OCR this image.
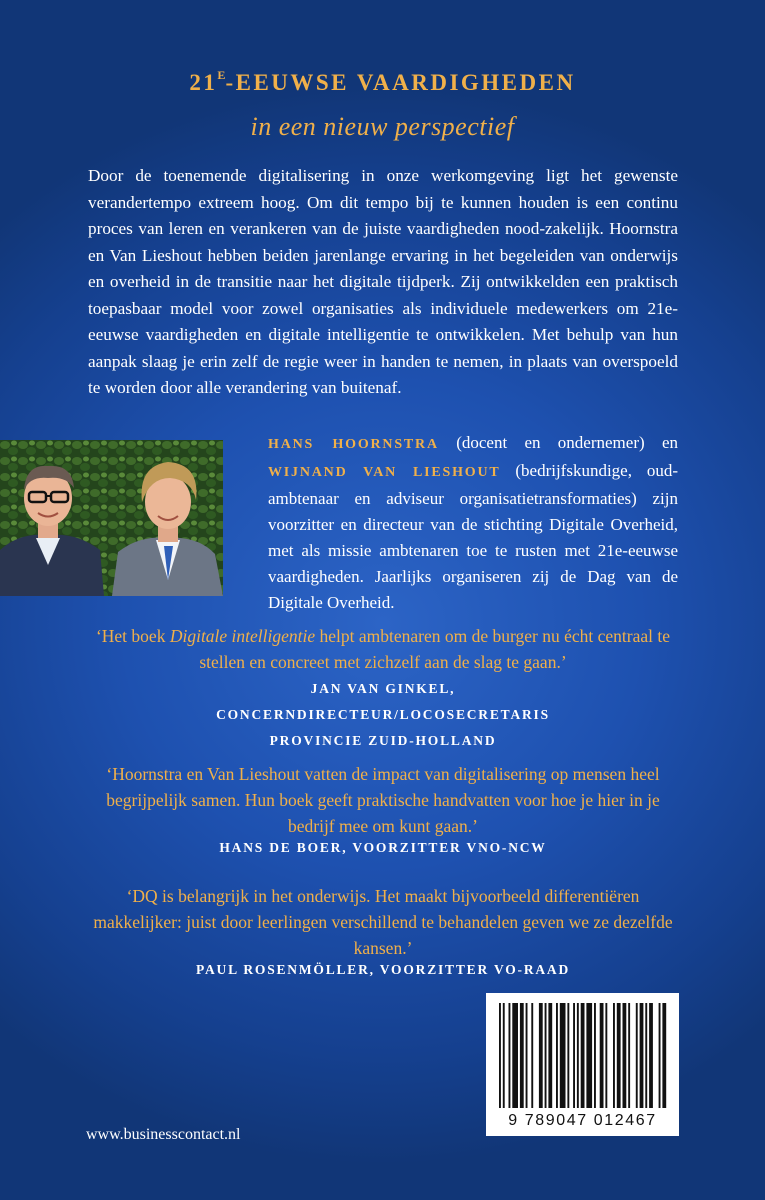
$21^E$-EEUWSE VAARDIGHEDEN
in een nieuw perspectief
Door de toenemende digitalisering in onze werkomgeving ligt het gewenste verandertempo extreem hoog. Om dit tempo bij te kunnen houden is een continu proces van leren en verankeren van de juiste vaardigheden nood-zakelijk. Hoornstra en Van Lieshout hebben beiden jarenlange ervaring in het begeleiden van onderwijs en overheid in de transitie naar het digitale tijdperk. Zij ontwikkelden een praktisch toepasbaar model voor zowel organisaties als individuele medewerkers om 21e-eeuwse vaardigheden en digitale intelligentie te ontwikkelen. Met behulp van hun aanpak slaag je erin zelf de regie weer in handen te nemen, in plaats van overspoeld te worden door alle verandering van buitenaf.
HANS HOORNSTRA (docent en ondernemer) en WIJNAND VAN LIESHOUT (bedrijfskundige, oud-ambtenaar en adviseur organisatietransformaties) zijn voorzitter en directeur van de stichting Digitale Overheid, met als missie ambtenaren toe te rusten met 21e-eeuwse vaardigheden. Jaarlijks organiseren zij de Dag van de Digitale Overheid.
‘Het boek Digitale intelligentie helpt ambtenaren om de burger nu écht centraal te stellen en concreet met zichzelf aan de slag te gaan.’
JAN VAN GINKEL,
CONCERNDIRECTEUR/LOCOSECRETARIS
PROVINCIE ZUID-HOLLAND
‘Hoornstra en Van Lieshout vatten de impact van digitalisering op mensen heel begrijpelijk samen. Hun boek geeft praktische handvatten voor hoe je hier in je bedrijf mee om kunt gaan.’
HANS DE BOER, VOORZITTER VNO-NCW
‘DQ is belangrijk in het onderwijs. Het maakt bijvoorbeeld differentiëren makkelijker: juist door leerlingen verschillend te behandelen geven we ze dezelfde kansen.’
PAUL ROSENMÖLLER, VOORZITTER VO-RAAD
9 789047 012467
www.businesscontact.nl
